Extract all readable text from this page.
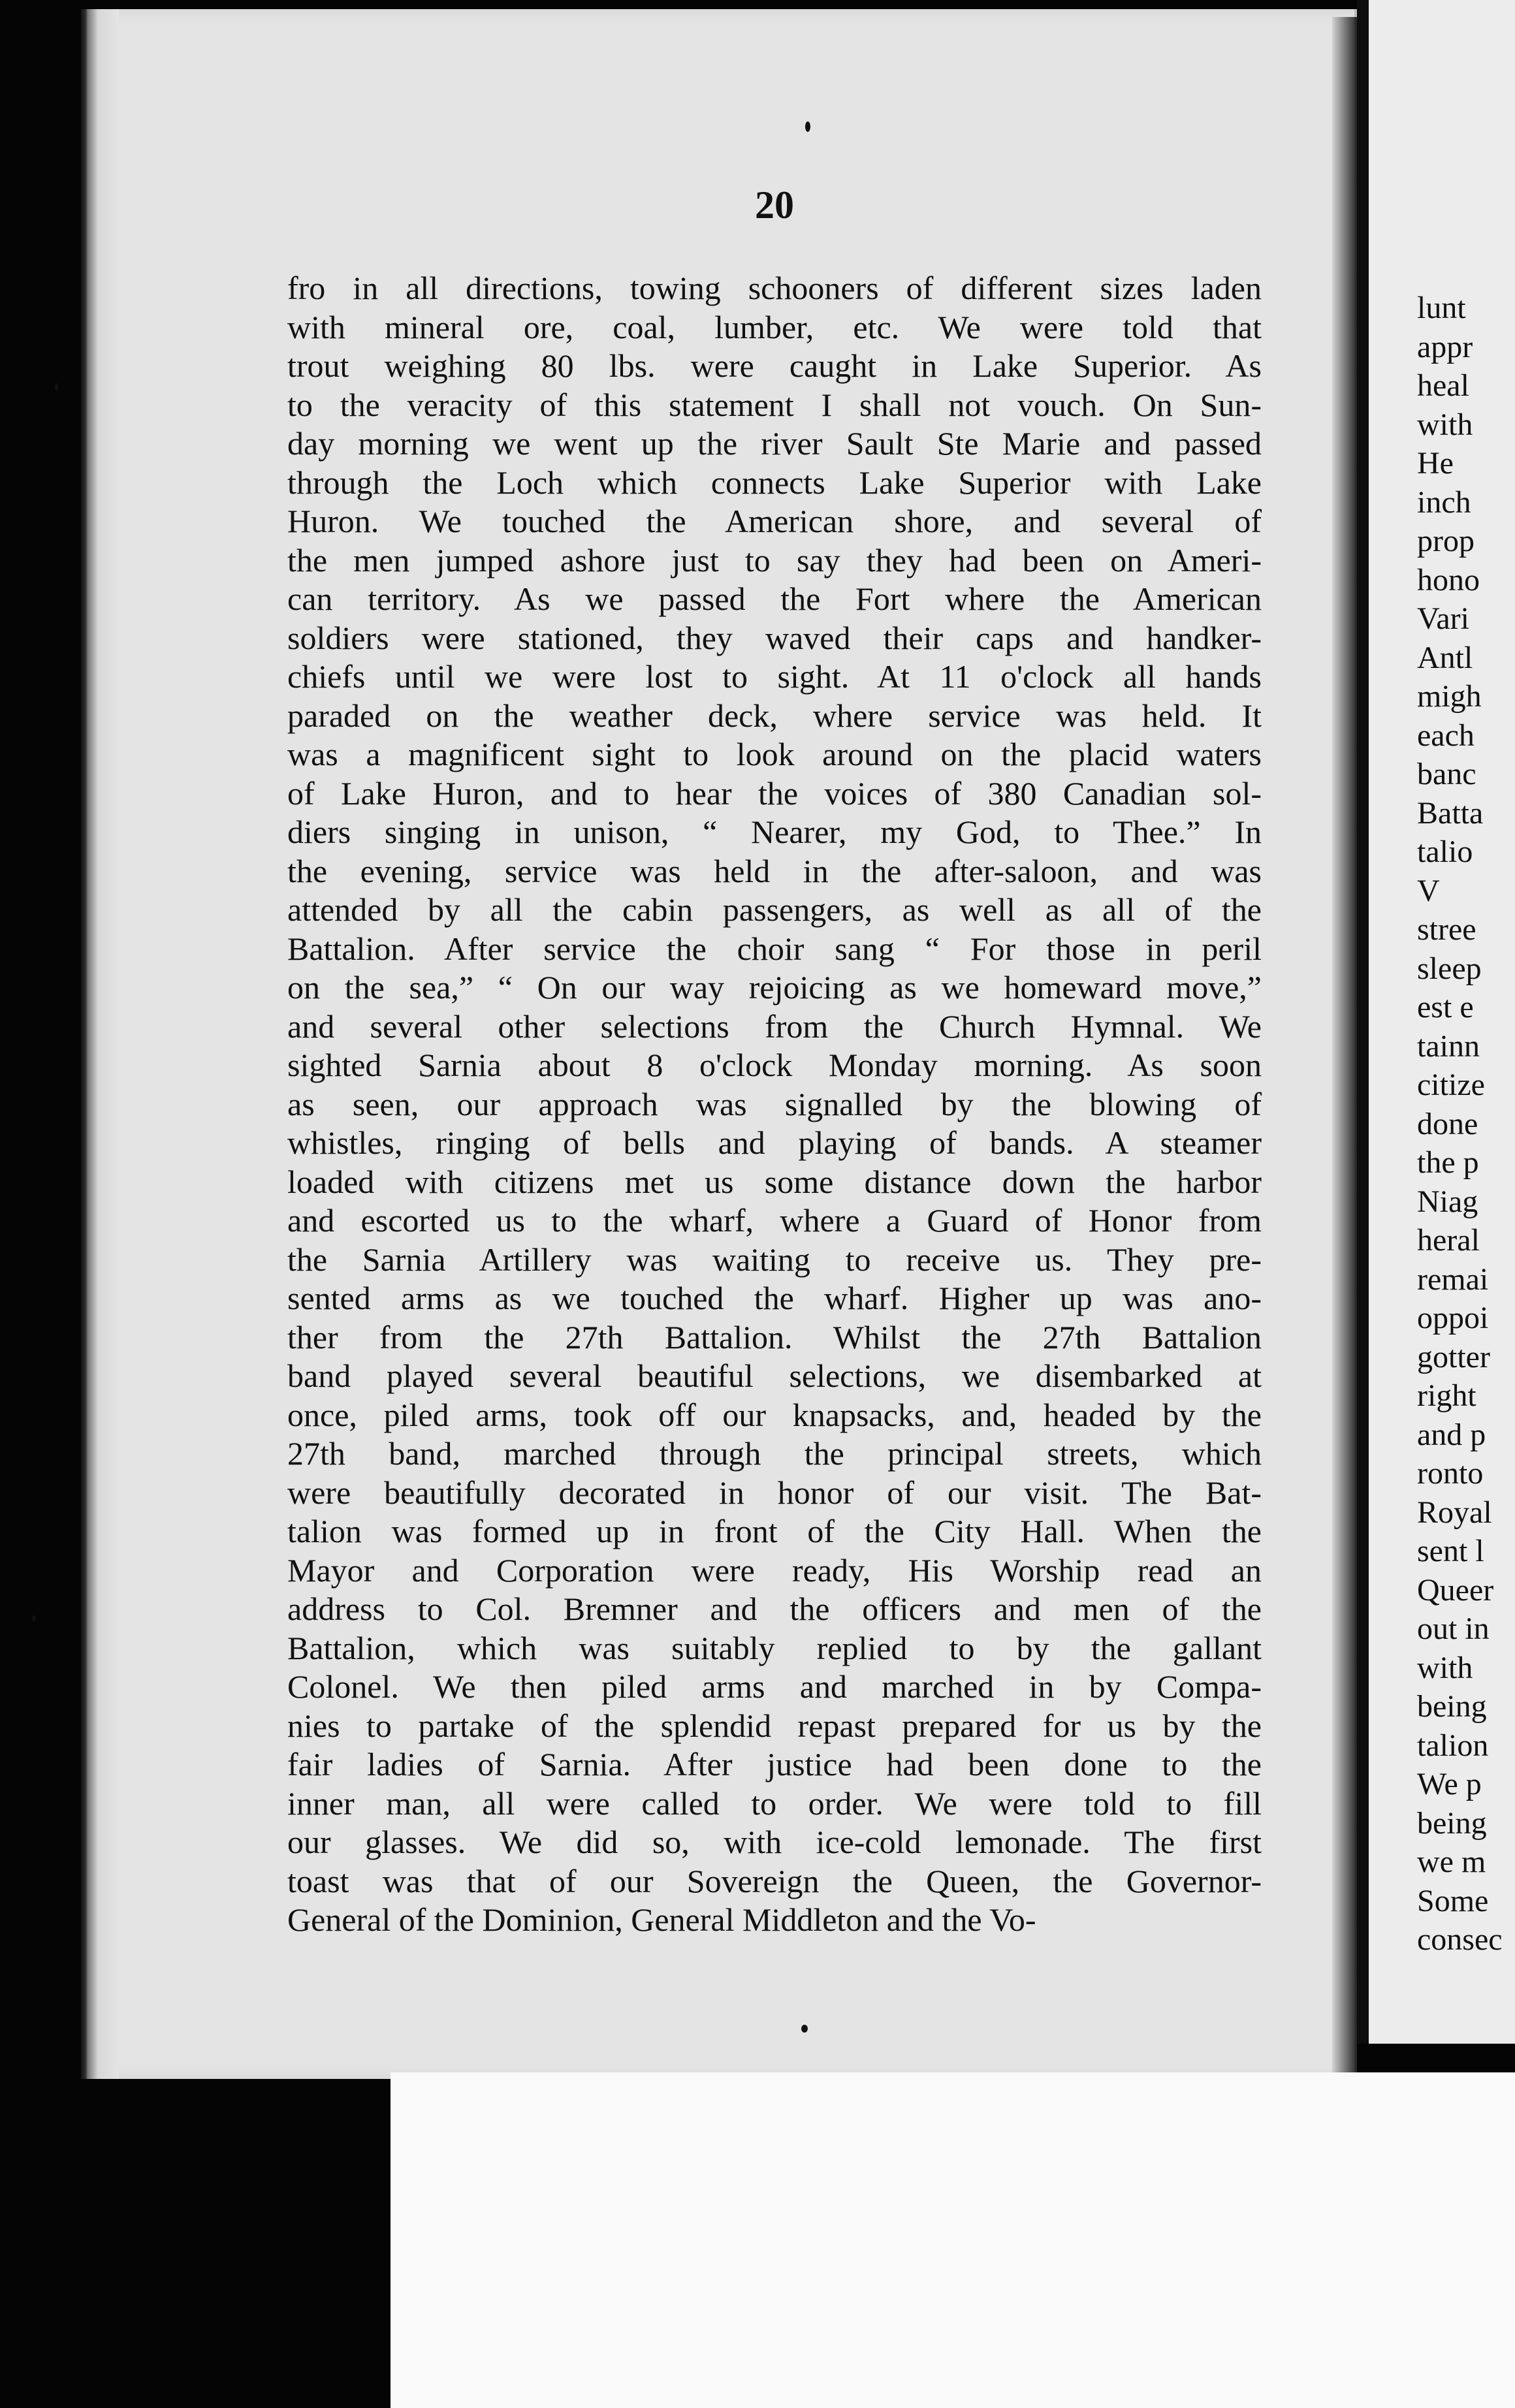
20

fro in all directions, towing schooners of different sizes laden

with mineral ore, coal, lumber, etc. We were told that

trout weighing 80 lbs. were caught in Lake Superior. As

to the veracity of this statement I shall not vouch. On Sun-

day morning we went up the river Sault Ste Marie and passed

through the Loch which connects Lake Superior with Lake

Huron. We touched the American shore, and several of

the men jumped ashore just to say they had been on Ameri-

can territory. As we passed the Fort where the American

soldiers were stationed, they waved their caps and handker-

chiefs until we were lost to sight. At 11 o'clock all hands

paraded on the weather deck, where service was held. It

was a magnificent sight to look around on the placid waters

of Lake Huron, and to hear the voices of 380 Canadian sol-

diers singing in unison, “ Nearer, my God, to Thee.” In

the evening, service was held in the after-saloon, and was

attended by all the cabin passengers, as well as all of the

Battalion. After service the choir sang “ For those in peril

on the sea,” “ On our way rejoicing as we homeward move,”

and several other selections from the Church Hymnal. We

sighted Sarnia about 8 o'clock Monday morning. As soon

as seen, our approach was signalled by the blowing of

whistles, ringing of bells and playing of bands. A steamer

loaded with citizens met us some distance down the harbor

and escorted us to the wharf, where a Guard of Honor from

the Sarnia Artillery was waiting to receive us. They pre-

sented arms as we touched the wharf. Higher up was ano-

ther from the 27th Battalion. Whilst the 27th Battalion

band played several beautiful selections, we disembarked at

once, piled arms, took off our knapsacks, and, headed by the

27th band, marched through the principal streets, which

were beautifully decorated in honor of our visit. The Bat-

talion was formed up in front of the City Hall. When the

Mayor and Corporation were ready, His Worship read an

address to Col. Bremner and the officers and men of the

Battalion, which was suitably replied to by the gallant

Colonel. We then piled arms and marched in by Compa-

nies to partake of the splendid repast prepared for us by the

fair ladies of Sarnia. After justice had been done to the

inner man, all were called to order. We were told to fill

our glasses. We did so, with ice-cold lemonade. The first

toast was that of our Sovereign the Queen, the Governor-

General of the Dominion, General Middleton and the Vo-

lunt

appr

heal

with

He

inch

prop

hono

Vari

Antl

migh

each

banc

Batta

talio

V

stree

sleep

est e

tainn

citize

done

the p

Niag

heral

remai

oppoi

gotter

right

and p

ronto

Royal

sent l

Queer

out in

with

being

talion

We p

being

we m

Some

consec
